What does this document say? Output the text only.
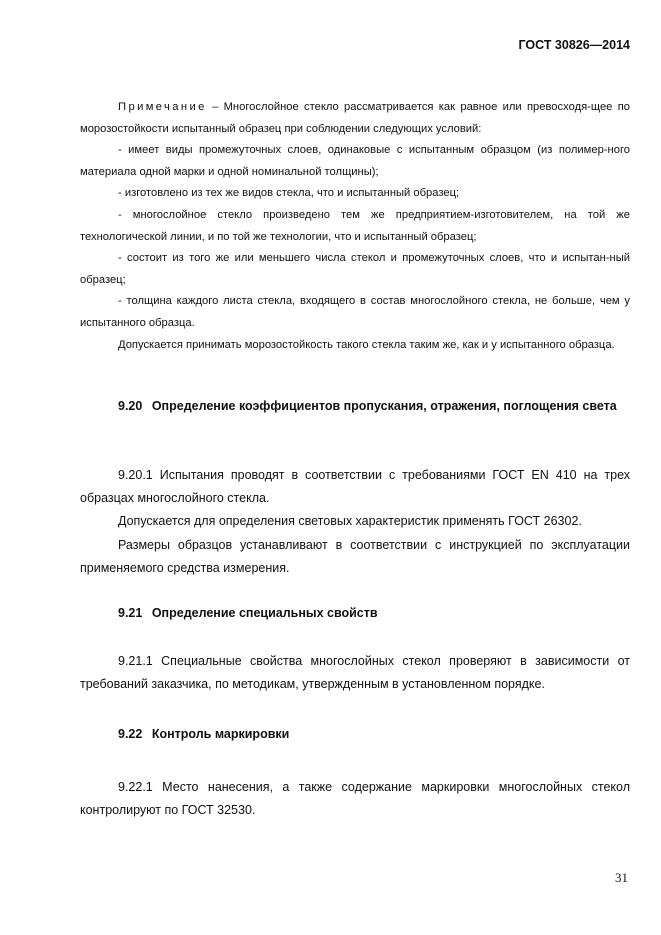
ГОСТ 30826—2014

Примечание – Многослойное стекло рассматривается как равное или превосходя-щее по морозостойкости испытанный образец при соблюдении следующих условий:

- имеет виды промежуточных слоев, одинаковые с испытанным образцом (из полимер-ного материала одной марки и одной номинальной толщины);

- изготовлено из тех же видов стекла, что и испытанный образец;

- многослойное стекло произведено тем же предприятием-изготовителем, на той же технологической линии, и по той же технологии, что и испытанный образец;

- состоит из того же или меньшего числа стекол и промежуточных слоев, что и испытан-ный образец;

- толщина каждого листа стекла, входящего в состав многослойного стекла, не больше, чем у испытанного образца.

Допускается принимать морозостойкость такого стекла таким же, как и у испытанного образца.

9.20 Определение коэффициентов пропускания, отражения, поглощения света

9.20.1 Испытания проводят в соответствии с требованиями ГОСТ EN 410 на трех образцах многослойного стекла.

Допускается для определения световых характеристик применять ГОСТ 26302.

Размеры образцов устанавливают в соответствии с инструкцией по эксплуатации применяемого средства измерения.

9.21 Определение специальных свойств

9.21.1 Специальные свойства многослойных стекол проверяют в зависимости от требований заказчика, по методикам, утвержденным в установленном порядке.

9.22 Контроль маркировки

9.22.1 Место нанесения, а также содержание маркировки многослойных стекол контролируют по ГОСТ 32530.

31
